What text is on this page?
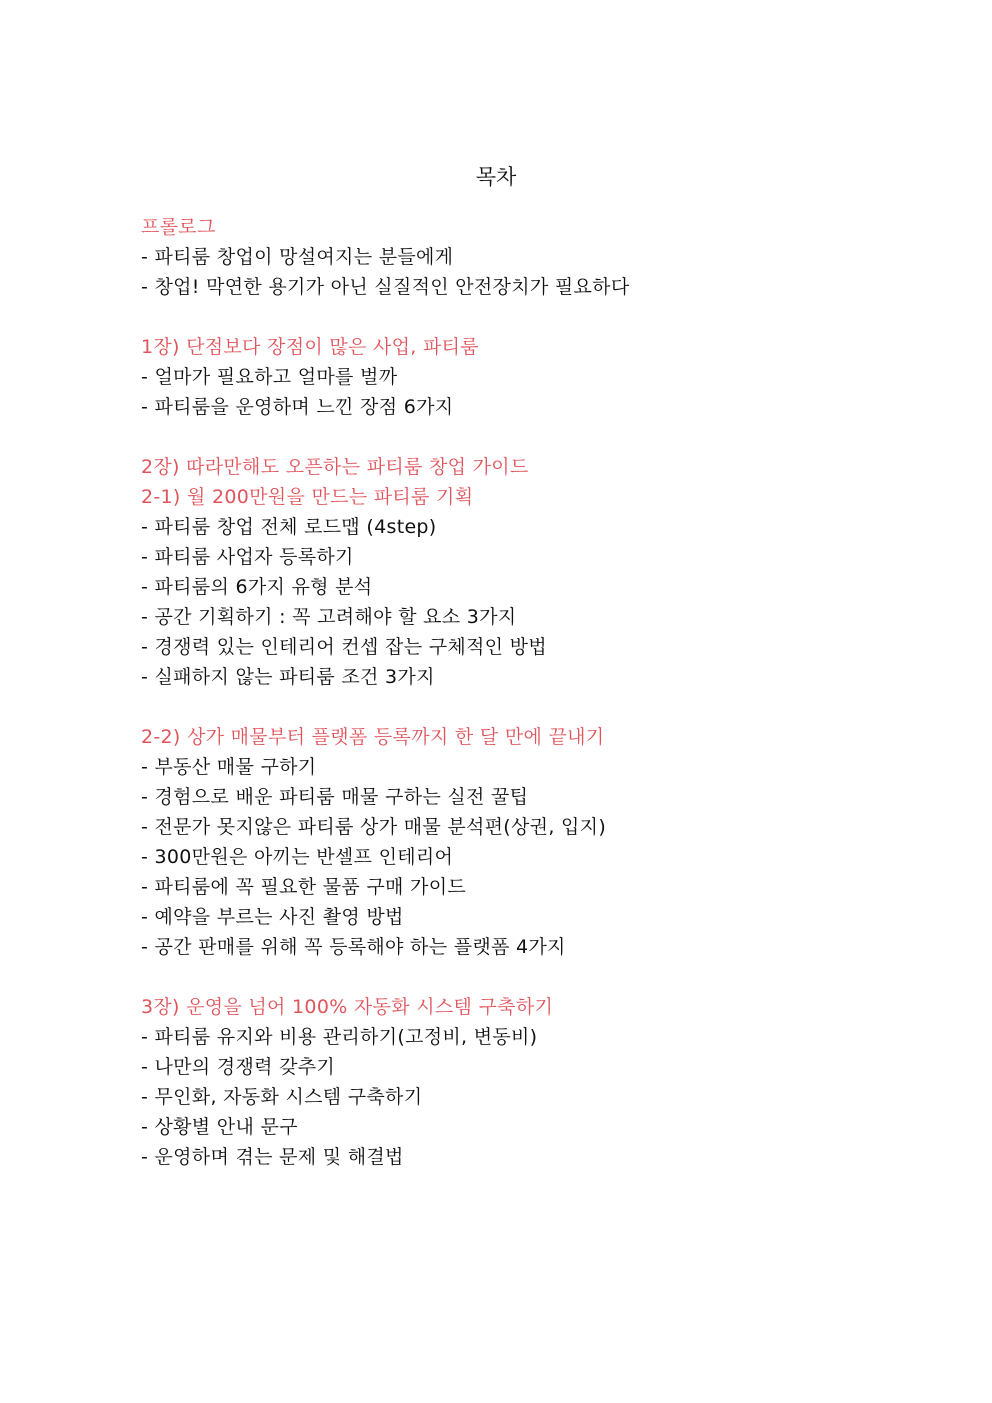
목차
프롤로그
- 파티룸 창업이 망설여지는 분들에게
- 창업! 막연한 용기가 아닌 실질적인 안전장치가 필요하다
1장) 단점보다 장점이 많은 사업, 파티룸
- 얼마가 필요하고 얼마를 벌까
- 파티룸을 운영하며 느낀 장점 6가지
2장) 따라만해도 오픈하는 파티룸 창업 가이드
2-1) 월 200만원을 만드는 파티룸 기획
- 파티룸 창업 전체 로드맵 (4step)
- 파티룸 사업자 등록하기
- 파티룸의 6가지 유형 분석
- 공간 기획하기 : 꼭 고려해야 할 요소 3가지
- 경쟁력 있는 인테리어 컨셉 잡는 구체적인 방법
- 실패하지 않는 파티룸 조건 3가지
2-2) 상가 매물부터 플랫폼 등록까지 한 달 만에 끝내기
- 부동산 매물 구하기
- 경험으로 배운 파티룸 매물 구하는 실전 꿀팁
- 전문가 못지않은 파티룸 상가 매물 분석편(상권, 입지)
- 300만원은 아끼는 반셀프 인테리어
- 파티룸에 꼭 필요한 물품 구매 가이드
- 예약을 부르는 사진 촬영 방법
- 공간 판매를 위해 꼭 등록해야 하는 플랫폼 4가지
3장) 운영을 넘어 100% 자동화 시스템 구축하기
- 파티룸 유지와 비용 관리하기(고정비, 변동비)
- 나만의 경쟁력 갖추기
- 무인화, 자동화 시스템 구축하기
- 상황별 안내 문구
- 운영하며 겪는 문제 및 해결법
